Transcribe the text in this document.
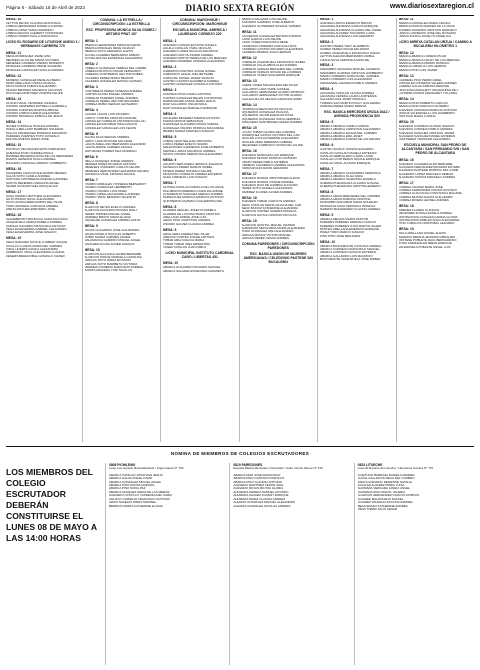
Página 6 - Sábado 15 de Abril de 2023	DIARIO SEXTA REGIÓN	www.diariosextaregion.cl
MESA: 10
LEYTON REYES CLAUDIA FRANCISCA
LISBOA HERNANDEZ DANIELA AURORA
LISBOA LOPEZ TANIA NAZARETH
LISBOA MACIAS CLEMENT CONSTANZA
LISBOA OSORIO PAULA FRANCISCA
LICEO EL ROSARIO DE LITUECHE ANEXO 1 / HERMANOS CARRERA 770
MESA: 11
MENA RODRIGUEZ JAIME IVAN
MENDEZ ULLOA DE MARIA VICTORIA
MENESES CARRENO PEDRO MODESTO
MORALES CARRENO IRENE SOLEDAD
MORALES GONZALEZ NATALIA ANDREA
MESA: 12
MORENO GONZALEZ RENE ALFREDO
MORI ORELLANA CAMILA IGNACIA
MOYA MUNOZ FABIAN ALEJANDRO
MUNOZ BRIONES MAURICIO ALFONSO
NICOCHEA MARTINEZ VICENTE FELIPE
MESA: 13
OLGUIN VIDAL YENNIFER VALESKA
OSORIO CESPEDES ESTRELLA GABRIELA
OSORIO FUENTES MILENKA ABIGAIL
OSORIO LISBOA KARINA ALEJANDRA
OSORIO MONDACA FABIOLA DE JESUS
MESA: 14
NUNEZ CUMSILLE PAULINA ANDREA
PADILLA MELLADO BARBARA SOLEDAD
PALLAS MANRIQUEZ RODRIGO EDUARDO
PAREDES FUENTES TOTO GONZALO
PAZ PALOMINOS MARIA JOSE
MESA: 15
PONTIGO VELASQUEZ EDITH FERNANDA
QUEZADA POZO ANDREA PAOLA
RAMIREZ BECERRA ROSA DE LAS MERCEDES
RAMOS LEPEMAN PAULA ANDREA
RICHARD CARVAJAL FREDDY HUMBERTO
MESA: 16
SAAVEDRA CHACON ALEJANDRO BENEDI
SALAS SOTO CAMILA ANDREA
SANTANA CONTRERAS MARCELA ANDREA
SANTIN MENESES CAROLINA ANGEL
SHAER KUNCAR NAEL RAFIQ ELIAS
MESA: 17
SILVA OSORIO MATTHEW ALEXANDRA
SOTO PRADO NICOL ALEJANDRA
SOTO ZUNIGA BERNARDITA DEL PILAR
TORO ARAVENA CAROLINA ANDREA
URETA FISCHER EMETERIO JOSE
MESA: 18
VALDEBENITO MONDACA CATALINA IGNAC
VALENZUELA CERDA PAMELA ANDREA
VARGAS NAVARRO FRANCISCA ANTONIA
VEGA ECHEVERRIA GABRIEL ALEJANDRO
VEGA ECHEVERRIA JOSE IGNACIO
MESA: 19
VEGA NARVAEZ NICOLE LUSBERY RAQUE
CICALLO LLANOS MARIA DEL CARMEN
VIDAL HUERTA CAMILA ALEXANDRA
ZAMBRANO VIDAL ALEJANDRA CLAUDIA
ZEGERS BEDECOBLE GONZALO XAVIER
COMUNA: LA ESTRELLA / CIRCUNSCRIPCIÓN: LA ESTRELLA
ESC. PROFESORA MONICA SILVA GOMEZ / ARTURO PRAT 157
MESA: 1
ABARCA HERNANDEZ MARIA EUGENIA
ABARCA MORALES RENE IGNACIO
ABARCA SOTO GERARDO ALEXIS
ACUNA CACERES BERNARDO FABIAN
ACUNA MOLINA ESTEFANIA ALEJANDRA
MESA: 2
CABELLO GONZALEZ TERESA DEL CARME
CABEZAS BUSTOS OSCAR FERNANDO
CABEZAS CONTRERAS HECTOR RUBEN
CACERES PEREZ MARIA BEATRIZ
CACERES GONZALEZ MATIAS GUZMAN
MESA: 3
CONTRERAS PEREZ VANESSA ANDREA
CORTES ACUNA RAFAEL ANDRES
CORNEJO PAREDES ANGEL ANDRES
CORNEJO PEREZ HECTOR EDUARDO
CORREA RUBIO SERGIO LEONARDO
MESA: 4
GALVEZ LAGOS LUIS RICARDO
GODOY CORTES CRISTIAN MANUEL
GONZALEZ CORNEJO ANTONIETA DE LOU
GONZALEZ ESCOBAR ISSA IGNACIO
GONZALEZ GONZALEZ LUIS FELIPE
MESA: 5
ACUNA SILVA SERGIO ANDRES
LEDDY LEON ROXANE SOLANGE
LAGOS ARELLANO BERNARDO ALEJANDR
LAGOS ARRUE CARMEN CECILIA
MATURANA TORRES MAX RODRIGO
MESA: 6
MELLA VASQUEZ JORGE ANDRES
MENDEZ PAVEZ RICARDO ANTONIO
MENESES CORDERO CARLOS FELIPE
MENESES HERNANDEZ LEONARDO MAURIC
MONDACA VIDAL KRISHNA NICOLE
MESA: 7
OSORIO MORALES YOSSENIA BERNARDIT
OSORIO GONZALEZ HERIBERTO
OSORIO OSORIO LUIS OMAR
OSORIO ORELLANA DANIELA ANDREA
OSORIO VIDAL BENIGNO VALENTIN
MESA: 8
ALARCON REYES EVELYN ANDREA
ALARCON AGUILERA ROXANA MAILY
PEREZ TORRES MIGUEL ANGEL
RAMIREZ BRAVO MARIA ELIANA
RIQUELME GONZALEZ ANDREA AVILIN
MESA: 9
ROJAS GUAJARDO JOSE ALEJANDRO
ROJAS RAVELO NICOLAS ALBERTO
RUBIO NUNEZ CARMEN JAVIER
SALAMANCA GARRIDO MIGUEL ANGEL
SANCHEZ ACUNA JAVIER IGNACIO
MESA: 10
ALARCON ALICANGA JAVIER BERNABE
ALARCON PONCE MARCELA CAROLINA
VARGAS SOTO MARIA ROSARIO
VARGAS SOTO MARIBETH VICTORIA
VERDEJO ROMERO MARCIANO ANDREA
ZAPATA ARAVENA YURI NICOLAS
COMUNA: MARCHIGUE / CIRCUNSCRIPCIÓN: MARCHIGUE
ESCUELA MUNICIPAL AMERICA / LAUREANO CORNEJO 220
MESA: 1
ACEVEDO GONZALEZ ROSA ANGELA
AGUILA CATALAN YAMIL NICOLAS
ACEVEDO LOPEZ NICOLAS MAURICIO
ACEVEDO MATUS INGRID ANDREA
ACEVEDO MATUS TERESA DE LAS MERCED
ACEVEDO RAMIREZ KIOMARA ALEJANDRA
MESA: 2
CARRIZOS FUENTES JOSUE DANIEL
CARRASCO LEANA JAEL BETSABE
CARVAJAL NUNEZ JAVIER IGNACIO
CASTRO CASTRO ELIZABETH ANDREA
CASTRO GONZALEZ GONZALO ANTONIO
MESA: 3
CORNEJO PIÑA CAMILA ANTONIA
CORTES GONZALEZ BELEN CONSTANZA
DARRIGRANDI ASSAD MARIA JESUS
DIAZ GALLARDO OSCAR RAUL
DIAZ GONZALEZ MARCELO ENRIQUE
MESA: 4
AGUILERA BECERRA MARINA ANTONIO
FARIAS MUNOZ SEBASTIAN
GONZALEZ GUAJARDO ROSA NOEMIA
GONZALEZ OSORIO PATRICIA MACARENA
IBARRA NUNEZ MARCELO IGNACIO
MESA: 5
LOBAN LEIVA NELIA ELVIRA ROSA
LORCA PEREZ EVELYN SIGRID
MALDONADO CARDENAS JOSE ROBERTO
MARTELL ARIAS MAURICIO ANDRES
MATUS OSORIO SEBASTIAN ALEJANDRO
MESA: 6
AGURTO SEPULVEDA JESSICA JOHANNA
MONDACA PEREZ MARLIN ISABEL
MORAN PEREZ GONZALO FELIPE
MOSCOSO CORNEJO ANDREA ESTEBAN
OLEA CORNEJO LUIS IGNACIO
MESA: 7
ALISTEA CATALAN FABIOLA DE LOS ANGE
PALOMINOS PAREDES CAROLINA ANDRE
ALTAMIRANO SANCHEZ SERGIO ANDRES
PARRAGUEZ MORAGA MARCOS ANTONIO
QUINTEROS GUZMAN GUILLERMINA DEL
MESA: 8
ALVAREZ SEGUEL JOSELYN PAMELA
ALVAREZ DE LA ROSA MARIA CRISTINA
ARELLANO ARRUE JOSE LUIS
ARIAS PINO CHRISTIAN ANDRES
OSORIO GALVEZ CLAUDIA ANDREA
MESA: 9
ARCE VERA ANDREA DEL PILAR
ARRATIA CORTES JORGE ANTONIO
TOBAR ARIA IGNACIA MARIA
TOBAR TOBAR INES ERNESTINA
YANEZ CATALAN JUAN PABLO
LICEO MUNICIPAL INSTITUTO CARDENAL CARO / LIBERTAD 451
MESA: 10
ABARCA GUAJARDO RICARDO MANUEL
ABARCA SALAZAR ESTEFANIA NAZARETH
ABARCA SALAZAR LUIS FELIPE
ACEVEDO GARRIDO JOSE ALBERTO
ACEVEDO GUTIERREZ SUSANA YARMEN
MESA: 11
CALDERON GONZALEZ BAYRON DAMIAN
CARO GARCIA LUIS FELIPE
CARO YAÑEZ FRANCISCA RENE
CARRASCO MOREIRA CAROLINA ROS
CARRENO CASTRO RICARDO ALEJANDRO
CARRENO IBARRA JULIO HERNAN
MESA: 12
CORNEJO VALENZUELA FRANCISCA ISABEL
CORNEJO VILLALOBOS ALEX ANDRES
CORNEJO VARGAS BENJAMIN DEL CARME
CORNEJO VARGAS NIVIANI DE LOURDES
CORNEJO YANEZ GUILLERMO ENRIQUE
MESA: 13
GAETE YAÑEZ MAGDALENA DEL PILAR
GALLARDO LARA TAIRE GISSELE
GALLARDO HERNANDEZ ALVARO PATRICIO
GALLARDO HERNANDEZ VICTOR ALVARO
GALLEGUILLOS ZELADA CAROLINA ANDR
MESA: 14
ITURRIAGA MEZA MATIAS NICOLAS
IZQUIERDO GONZALEZ PAULINA
IZQUIERDO JACOB ELENA ANTONIA
IZQUIERDO GONZALEZ SOFIA HERMINIA
JORQUERA SANTIBAÑEZ CESAR ANDRES
MESA: 15
LUCAN TOBAR GLORIA DEL CARMEN
MANRIQUEZ GATICA VICTORIA DEL CAR
MAULEN LOYA KATHERINE ALEJANDRA
MAULEN VERA JEREMIAS GABRIEL
MELENDEZ CARRASCO SONIA DE LAS NIE
MESA: 16
ACEVEDO MORALES LUIS ENRIQUE
ACEVEDO MUNOZ PATRICIO ANTONIO
OPAZO PEREZ PABLO ESTEBAN
ORMENO CALDERON CARMEN ALEJANDRA
PARRA ROJAS DAVID GERARDO
MESA: 17
ACEVEDO ROMAN CRISTOPHER ALEXIS
ACEVEDO ROMAN IVONNE ANDREA
ACEVEDO RUIZ DE GAMBOA ALFONSO
PEREZ SOTO DANIELA ALEJANDRA
RAMIREZ FLORES JAVIER ANDRES
MESA: 18
ACEVEDO TOBAR CAROLYN ANDREA
AEDO CATALAN MARIA IGNACIA DEL CAR
AEDO MUNOZ KATHERINE ALEJANDRA
ALARCON CORTEZ SANDRA PATRICIA
ALARCON GATICA CRISTIAN NICOLAS
MESA: 19
ALARCON QUINTUL MIGUEL MAXIMO
ALBORNOZ SEPULVEDA MARIA ALEJANDRA
TORO GONZALEZ IVAN ALEJANDRO
VARGAS MUNOZ VICTOR MANUEL
VARGAS PEREZ CESAR ANDRES
COMUNA PAREDONES / CIRCUNSCRIPCIÓN: PAREDONES
ESC. BASICA UNION DE MUJERES AMERICANAS / CELEDONIO PASTENE S/N BUCALEMU
MESA: 1
ACEVEDO ARAYA ERNESTO BRUNO
AHUMADA AHUMADA CARLOS ENRIQUE
AHUMADA AHUMADA CLAUDIO DEL ANGEL
AHUMADA ALVAREZ SOCORRO LUISA
AHUMADA AHUMADA LUIS GERARDO
MESA: 2
CASTRO PEREZ YENY ELIZABETH
GOMEZ PEREZ OSCAR EDUARDO
GOMEZ VALENZUELA FRANCISCA IGNACI
LEYTON ALEGRIA BERNARDO ANIBAL
LIZANA SILVA VERONICA MATILDE
MESA: 3
MARAMBIO AHUMADA MANUEL ALFREDO
MARAMBIO GUZMAN CRISTIAN HUMBERTO
MARIN CORDERO SORAYA DEL CARMEN
MARIN CORDERO LUIS ALEJANDRO
ORNAZABAL AHUMADA PABLO ANDRES
MESA: 4
AHUMADA CATALAN LILIANA ANDREA
AHUMADA CEPEDA LAURA HORTENSIA
SALAZAR DIAZ JANET PRISCILA
TORRES SAN MARTIN POLLY GUILLERMO
ZAMORA PEREZ MARIA TERESA
ESC. BASICA MERCEDES URZUA DIAZ / AVENIDA PROVIDENCIA S/N
MESA: 5
ABARCA ABARCA CAMILA NORMA
ABARCA ABARCA CHRISTIAN ALEJANDRO
ABARCA ABARCA ELIANA DEL CARMEN
ABARCA ABARCA EMA JANET
ABARCA ABARCA KARINA DE LAS NIEVES
MESA: 6
CASTRO ZUÑIGA YANSON EDUARDO
CATALAN CATALAN DANIELA ESTEFANI
CATALAN REBOLLEDO CAROL LUISE
CATALAN CONTRERAS NICOLE ENRIQUE
CATALAN VIDAL ALONSO ENRIQUE
MESA: 7
ABARCA ABARCA KASSANDRA VERONICA
ABARCA ABARCA OLGA NIDIA
ABARCA ABARCA VALENTINA DANIELA
GUERRA PUENZALIDA CLAUDIA SUSANA
GUERRA PUENZALIDA CRISTINA ERNESTI
MESA: 8
ABARCA ARIAS MERCEDES DEL CARMEN
ABARCA ARIAS RAMONA CRISTINA
MORAMBIO ESCOBAR MARIA SOLEDAD
MONSALVA SILVA VERONICA PATRICIA
NAREDO MOHAMADEN CLAUDIA ANDREA
MESA: 9
ABARCA MENAIS MARIO PASTOR
PAREDES PAREDES HERNAN CARLOS
PAREDES PAREDES JUAN MARTIN VALERI
PASTEN ORELLANA EMERSON ENRIQUE
PAVEZ TORO MARCO IGNACIO
PINO PINO JOSE BENJAMIN
MESA: 10
ABARCA BUSTAMANTE CATALINA ANDREA
ABARCA CORNEJO FRANCISCO MANUEL
ABARCA CORNEJO IGNACIO ESTEBAN
ABARCA GALLARDO LUIS MAURICIO
BUSTAMANTE VALENZUELA JOSE ROBER
MESA: 11
ABARCA GONZALEZ MARIA CECILIA
ABARCA MUNOZ AMADEO DE LA CRUZ
TORRES NAVARRO CRISTIAN MARCELO
URZUA LANDEROS JOSE DEL ROSARIO
URZUA ZUNIGA JOCELYN ANGELICA
LICEO MIREYA CATALAN URZUA / CAMINO A BUCALEMU KILOMETRO 1
MESA: 12
ABARCA ABARCA LORENA PILAR
ABARCA ABARCA NALDY DE LAS MERCED
ABARCA ABARCA PEDRO PATRICIO
ABARCA LABARCA LUIS HERNAN
ABARCA PINO LUIS JAVIER
MESA: 13
CARRERA PINO PEDRO ARIEL
GONZALEZ CISTERNA VALERIA ANDREA
GUERRA GALAZ FABIANA DENISSE
HINOJOSA DROGUETT MAGDALENA DE L
LATORRE MUNOZ MARGARET YOLANDA
MESA: 14
ABARCA PINO ROBERTO CARLOS
ABARCA PINO RODOLFO EUSEBIO
ACEVEDO AHUMADA MARCOS ANTONIO
MUNOZ VALENZUELA LUIS HUMBERTO
PAIN PAIN MARIA LUISINA
MESA: 15
ACEVEDO CORNEJO ALVARO IGNACIO
ACEVEDO CORNEJO PABLO ANDRES
ACEVEDO SANCHEZ CRISTIAN JAVIER
AGUILERA SANCHEZ DANIEL ESTEBAN
DIAZ PEREZ YENNIFER ALEJANDRA
ESCUELA MUNICIPAL SAN PEDRO DE ALCANTARA / SAN FERNANDO S/N / SAN PEDRO DE ALCANTARA
MESA: 16
ACEVEDO CACERES ALDO BERNABE
AGUILERA FERNANDEZ RICARDO ESTEBA
AHUMADA PASTENE PATRICIA DEL CARM
ALVARADO LOPEZ MARCELO DEMIAN
ALVARADO MUNOZ MARCELO ANDRES
MESA: 17
CORREA CHAVEZ MARIA JOSE
CORREA FERNANDEZ OSCAR GUSTAVO
CORREA GUACOLDA CONSTANCA MACARE
CORREA MUNOZ ALEXIS GUILLERMO
CORREA RIVERA LEONEL ANDRES
MESA: 18
JIMENEZ FLORES GUSTAVO
MELENDEZ ZUNIGA ESTELA ANDREA
MONTECINOS CANALES KARINA GLORIA
MONTECINOS ROBLES ALDO ALEXANDER
PINO CUBILLOS CRISTOBAL LEANDRO
MESA: 19
AVILA ARELLANO DANIEL ALEXIS
BARRIOS MEDINA JEOSSON ABRAHAM
PASTENE POBLETE RAUL BERNARDINO
TORO ANDRADE ESTEBAN ENRIQUE
VALENZUELA POBLETE ANGEL LUIS
NOMINA DE MIEMBROS DE COLEGIOS ESCRUTADORES
LOS MIEMBROS DEL COLEGIO ESCRUTADOR DEBERÁN CONSTITUIRSE EL LUNES 08 DE MAYO A LAS 14:00 HORAS
0808 PICHILEMU
Liceo Luis Agustín Rossi Edwards / Ángel Gaete N° 750
ABARCA CATALAN JONATHAN JESUS
ABARCA GALAZ ANGEL DAVID
ABARCA GONZALEZ MIGUEL ANGEL
ABARCA PINO MAYRA MARISOL
ABARCA PINO SOFIA PAZ
ABARCA VASQUEZ MARIA DE LAS MERCE
ACEVEDO CASTILLO YASSENKA DEL CARM
AGUAYO CORNEJO FRANCISCO ANTONIO
ARIAS NAVEJAS PRENI MARISEL
BERRIOS PARRA CATHERINE ELIANA
0819 PAREDONES
Escuela Básica Mercedes Urzúa Díaz / Avda. Doctor Moore N° 720
ABARCA DIAZ JOSE FRANCISCO
ABARCA PINO GUSTAVO RODOLFO
ABARCA PINO CLAUDIO ANTONIO
ACEVEDO MARTINEZ FELIPE SAUL
ACEVEDO ROJAS MILITZA GLORIA
AHUMADA CEPEDA SAMUEL ANTONIO
AHUMADA CHAVEZ JOHNNY ENRIQUE
AHUMADA PAVEZ CLAUDIA ANDREA
ALEGRIA GONZALEZ MANUEL ALEJANDRO
ALEGRIA GONZALEZ NICOLAS ANDRES
0823 LITUECHE
Liceo El Rosario de Litueche / Hermanos Carrera N° 770
ACEITUNO BARRAZA DANIELA ANDREA
ALVIAL GALLEGOS DELIA DEL CARMEN
AMAYA ACEVEDO DENNISSE NATALIA
AGUILAR ALVAREZ MARIA LUISA
AHUMADA VERGARA JANECI ANGEL
AHUMADA PINO MAKOL VALERIA
ALARCON HERNANDEZ CARLOS PATRICIO
ALVAREZ MALDONADO RAFAEL
ALVAREZ VALENCIA PAULINA ANDREA
BEAS ERAZO KATHERINE ANDREA
PEÑA TOBAR JULIO CESAR
